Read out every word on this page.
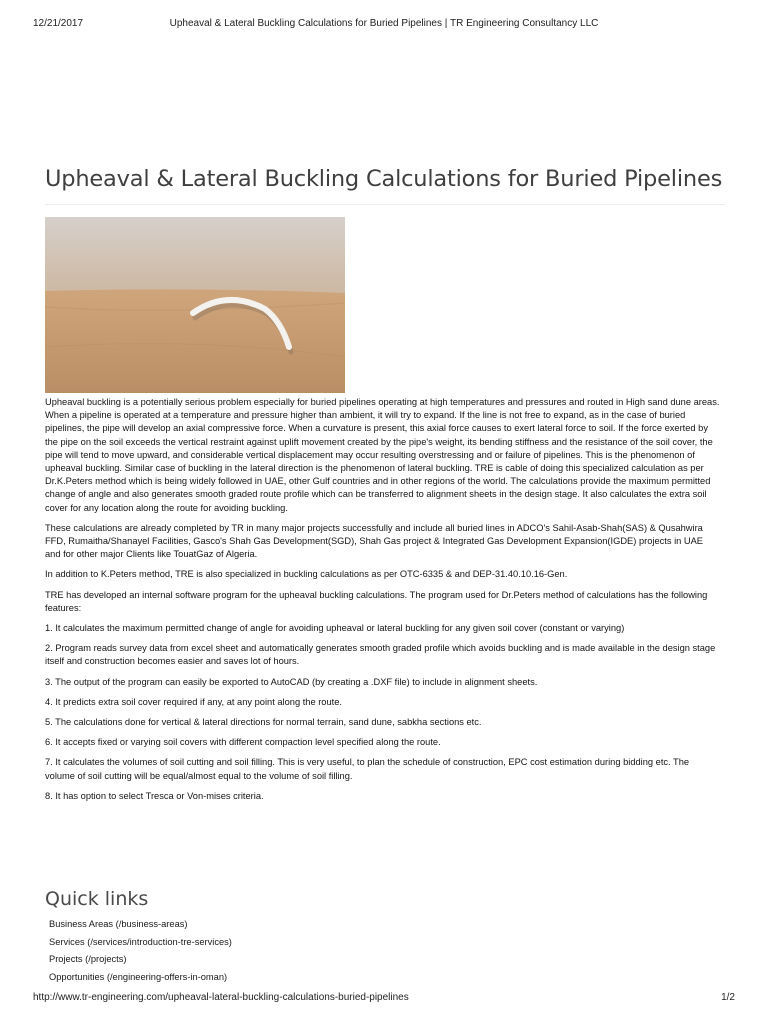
12/21/2017	Upheaval & Lateral Buckling Calculations for Buried Pipelines | TR Engineering Consultancy LLC
Upheaval & Lateral Buckling Calculations for Buried Pipelines

Upheaval buckling is a potentially serious problem especially for buried pipelines operating at high temperatures and pressures and routed in High sand dune areas. When a pipeline is operated at a temperature and pressure higher than ambient, it will try to expand. If the line is not free to expand, as in the case of buried pipelines, the pipe will develop an axial compressive force. When a curvature is present, this axial force causes to exert lateral force to soil. If the force exerted by the pipe on the soil exceeds the vertical restraint against uplift movement created by the pipe's weight, its bending stiffness and the resistance of the soil cover, the pipe will tend to move upward, and considerable vertical displacement may occur resulting overstressing and or failure of pipelines. This is the phenomenon of upheaval buckling. Similar case of buckling in the lateral direction is the phenomenon of lateral buckling. TRE is cable of doing this specialized calculation as per Dr.K.Peters method which is being widely followed in UAE, other Gulf countries and in other regions of the world. The calculations provide the maximum permitted change of angle and also generates smooth graded route profile which can be transferred to alignment sheets in the design stage. It also calculates the extra soil cover for any location along the route for avoiding buckling.

These calculations are already completed by TR in many major projects successfully and include all buried lines in ADCO's Sahil-Asab-Shah(SAS) & Qusahwira FFD, Rumaitha/Shanayel Facilities, Gasco's Shah Gas Development(SGD), Shah Gas project & Integrated Gas Development Expansion(IGDE) projects in UAE and for other major Clients like TouatGaz of Algeria.

In addition to K.Peters method, TRE is also specialized in buckling calculations as per OTC-6335 & and DEP-31.40.10.16-Gen.

TRE has developed an internal software program for the upheaval buckling calculations. The program used for Dr.Peters method of calculations has the following features:

1. It calculates the maximum permitted change of angle for avoiding upheaval or lateral buckling for any given soil cover (constant or varying)
2. Program reads survey data from excel sheet and automatically generates smooth graded profile which avoids buckling and is made available in the design stage itself and construction becomes easier and saves lot of hours.
3. The output of the program can easily be exported to AutoCAD (by creating a .DXF file) to include in alignment sheets.
4. It predicts extra soil cover required if any, at any point along the route.
5. The calculations done for vertical & lateral directions for normal terrain, sand dune, sabkha sections etc.
6. It accepts fixed or varying soil covers with different compaction level specified along the route.
7. It calculates the volumes of soil cutting and soil filling. This is very useful, to plan the schedule of construction, EPC cost estimation during bidding etc. The volume of soil cutting will be equal/almost equal to the volume of soil filling.
8. It has option to select Tresca or Von-mises criteria.
Quick links
Business Areas (/business-areas)
Services (/services/introduction-tre-services)
Projects (/projects)
Opportunities (/engineering-offers-in-oman)
http://www.tr-engineering.com/upheaval-lateral-buckling-calculations-buried-pipelines	1/2
